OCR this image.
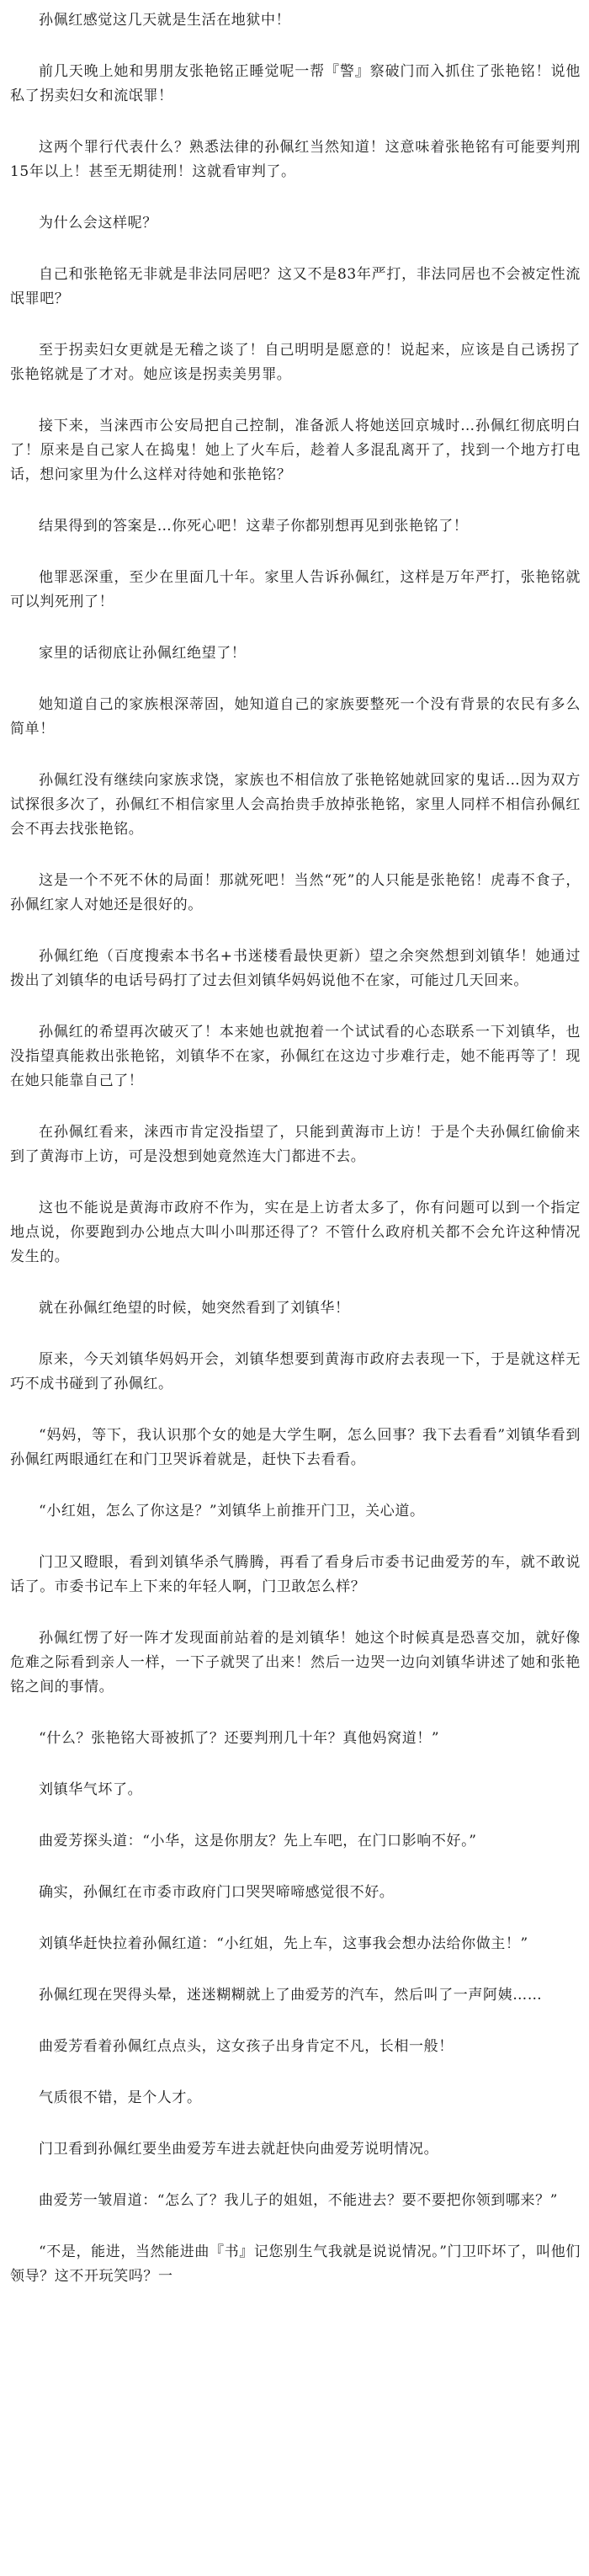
孙佩红感觉这几天就是生活在地狱中！

前几天晚上她和男朋友张艳铭正睡觉呢一帮『警』察破门而入抓住了张艳铭！说他私了拐卖妇女和流氓罪！

这两个罪行代表什么？熟悉法律的孙佩红当然知道！这意味着张艳铭有可能要判刑15年以上！甚至无期徒刑！这就看审判了。

为什么会这样呢？

自己和张艳铭无非就是非法同居吧？这又不是83年严打，非法同居也不会被定性流氓罪吧？

至于拐卖妇女更就是无稽之谈了！自己明明是愿意的！说起来，应该是自己诱拐了张艳铭就是了才对。她应该是拐卖美男罪。

接下来，当涞西市公安局把自己控制，准备派人将她送回京城时…孙佩红彻底明白了！原来是自己家人在捣鬼！她上了火车后，趁着人多混乱离开了，找到一个地方打电话，想问家里为什么这样对待她和张艳铭？

结果得到的答案是…你死心吧！这辈子你都别想再见到张艳铭了！

他罪恶深重，至少在里面几十年。家里人告诉孙佩红，这样是万年严打，张艳铭就可以判死刑了！

家里的话彻底让孙佩红绝望了！

她知道自己的家族根深蒂固，她知道自己的家族要整死一个没有背景的农民有多么简单！

孙佩红没有继续向家族求饶，家族也不相信放了张艳铭她就回家的鬼话…因为双方试探很多次了，孙佩红不相信家里人会高抬贵手放掉张艳铭，家里人同样不相信孙佩红会不再去找张艳铭。

这是一个不死不休的局面！那就死吧！当然“死”的人只能是张艳铭！虎毒不食子，孙佩红家人对她还是很好的。

孙佩红绝（百度搜索本书名+书迷楼看最快更新）望之余突然想到刘镇华！她通过拨出了刘镇华的电话号码打了过去但刘镇华妈妈说他不在家，可能过几天回来。

孙佩红的希望再次破灭了！本来她也就抱着一个试试看的心态联系一下刘镇华，也没指望真能救出张艳铭，刘镇华不在家，孙佩红在这边寸步难行走，她不能再等了！现在她只能靠自己了！

在孙佩红看来，涞西市肯定没指望了，只能到黄海市上访！于是个夫孙佩红偷偷来到了黄海市上访，可是没想到她竟然连大门都进不去。

这也不能说是黄海市政府不作为，实在是上访者太多了，你有问题可以到一个指定地点说，你要跑到办公地点大叫小叫那还得了？不管什么政府机关都不会允许这种情况发生的。

就在孙佩红绝望的时候，她突然看到了刘镇华！

原来，今天刘镇华妈妈开会，刘镇华想要到黄海市政府去表现一下，于是就这样无巧不成书碰到了孙佩红。

“妈妈，等下，我认识那个女的她是大学生啊，怎么回事？我下去看看”刘镇华看到孙佩红两眼通红在和门卫哭诉着就是，赶快下去看看。

“小红姐，怎么了你这是？”刘镇华上前推开门卫，关心道。

门卫又瞪眼，看到刘镇华杀气腾腾，再看了看身后市委书记曲爱芳的车，就不敢说话了。市委书记车上下来的年轻人啊，门卫敢怎么样？

孙佩红愣了好一阵才发现面前站着的是刘镇华！她这个时候真是恐喜交加，就好像危难之际看到亲人一样，一下子就哭了出来！然后一边哭一边向刘镇华讲述了她和张艳铭之间的事情。

“什么？张艳铭大哥被抓了？还要判刑几十年？真他妈窝道！”

刘镇华气坏了。

曲爱芳探头道：“小华，这是你朋友？先上车吧，在门口影响不好。”

确实，孙佩红在市委市政府门口哭哭啼啼感觉很不好。

刘镇华赶快拉着孙佩红道：“小红姐，先上车，这事我会想办法给你做主！”

孙佩红现在哭得头晕，迷迷糊糊就上了曲爱芳的汽车，然后叫了一声阿姨……

曲爱芳看着孙佩红点点头，这女孩子出身肯定不凡，长相一般！

气质很不错，是个人才。

门卫看到孙佩红要坐曲爱芳车进去就赶快向曲爱芳说明情况。

曲爱芳一皱眉道：“怎么了？我儿子的姐姐，不能进去？要不要把你领到哪来？”

“不是，能进，当然能进曲『书』记您别生气我就是说说情况。”门卫吓坏了，叫他们领导？这不开玩笑吗？一
